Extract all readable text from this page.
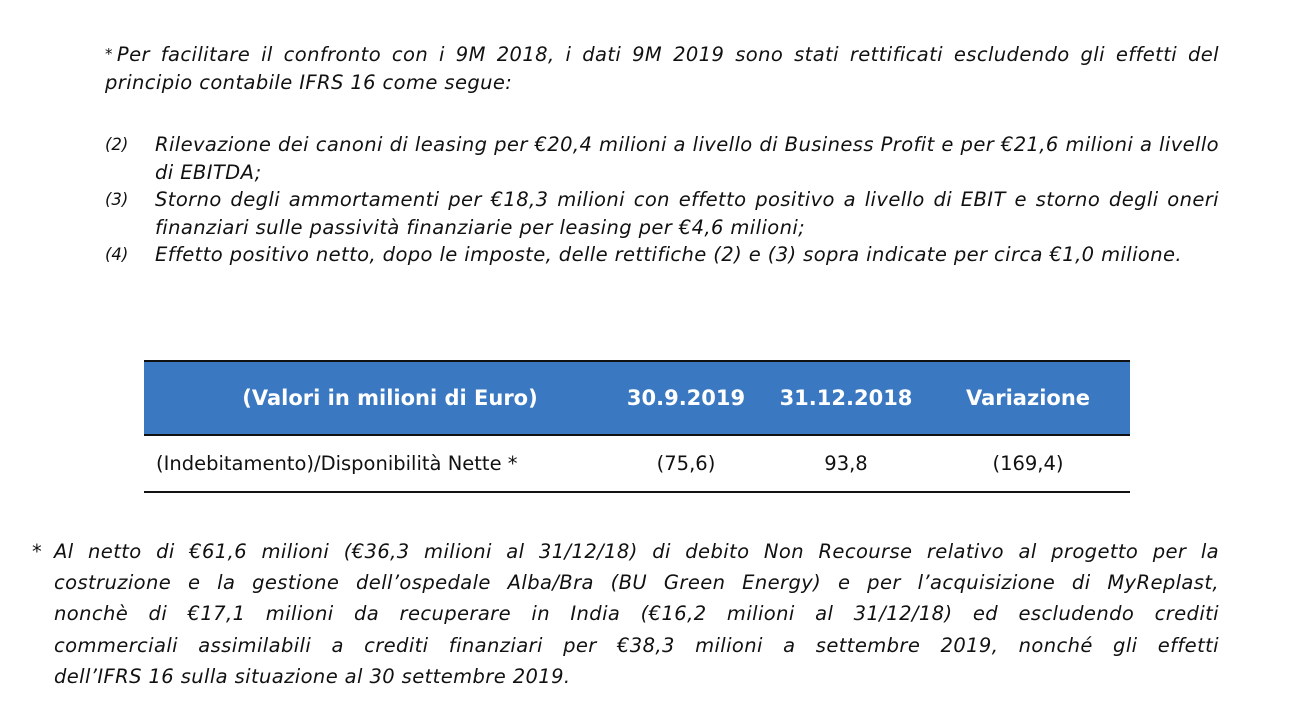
* Per facilitare il confronto con i 9M 2018, i dati 9M 2019 sono stati rettificati escludendo gli effetti del principio contabile IFRS 16 come segue:
(2)	Rilevazione dei canoni di leasing per €20,4 milioni a livello di Business Profit e per €21,6 milioni a livello di EBITDA;
(3)	Storno degli ammortamenti per €18,3 milioni con effetto positivo a livello di EBIT e storno degli oneri finanziari sulle passività finanziarie per leasing per €4,6 milioni;
(4)	Effetto positivo netto, dopo le imposte, delle rettifiche (2) e (3) sopra indicate per circa €1,0 milione.
(Valori in milioni di Euro)	30.9.2019	31.12.2018	Variazione
(Indebitamento)/Disponibilità Nette *	(75,6)	93,8	(169,4)
* Al netto di €61,6 milioni (€36,3 milioni al 31/12/18) di debito Non Recourse relativo al progetto per la
costruzione e la gestione dell’ospedale Alba/Bra (BU Green Energy) e per l’acquisizione di MyReplast,
nonchè di €17,1 milioni da recuperare in India (€16,2 milioni al 31/12/18) ed escludendo crediti
commerciali assimilabili a crediti finanziari per €38,3 milioni a settembre 2019, nonché gli effetti
dell’IFRS 16 sulla situazione al 30 settembre 2019.
